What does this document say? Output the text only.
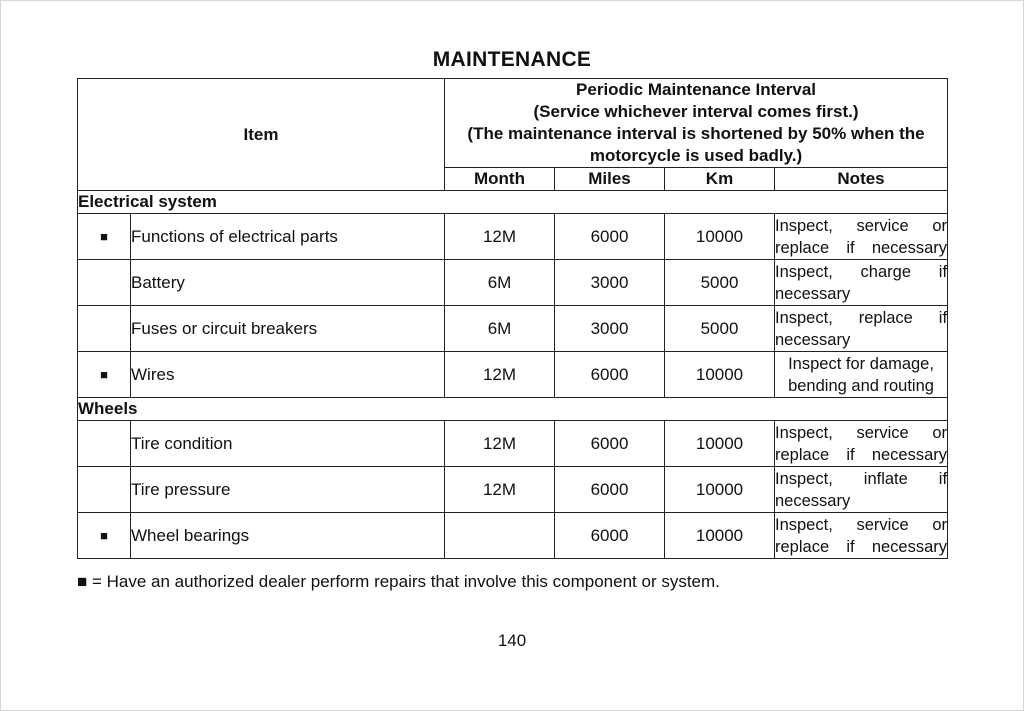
MAINTENANCE
Item		Periodic Maintenance Interval
(Service whichever interval comes first.)
(The maintenance interval is shortened by 50% when the
motorcycle is used badly.)			

		Month	Miles	Km	Notes
Electrical system					
■	Functions of electrical parts	12M	6000	10000	Inspect, service or
replace if necessary

	Battery	6M	3000	5000	Inspect, charge if
necessary

	Fuses or circuit breakers	6M	3000	5000	Inspect, replace if
necessary

■	Wires	12M	6000	10000	Inspect for damage,
bending and routing

Wheels					
	Tire condition	12M	6000	10000	Inspect, service or
replace if necessary

	Tire pressure	12M	6000	10000	Inspect, inflate if
necessary

■	Wheel bearings		6000	10000	Inspect, service or
replace if necessary
■ = Have an authorized dealer perform repairs that involve this component or system.
140
